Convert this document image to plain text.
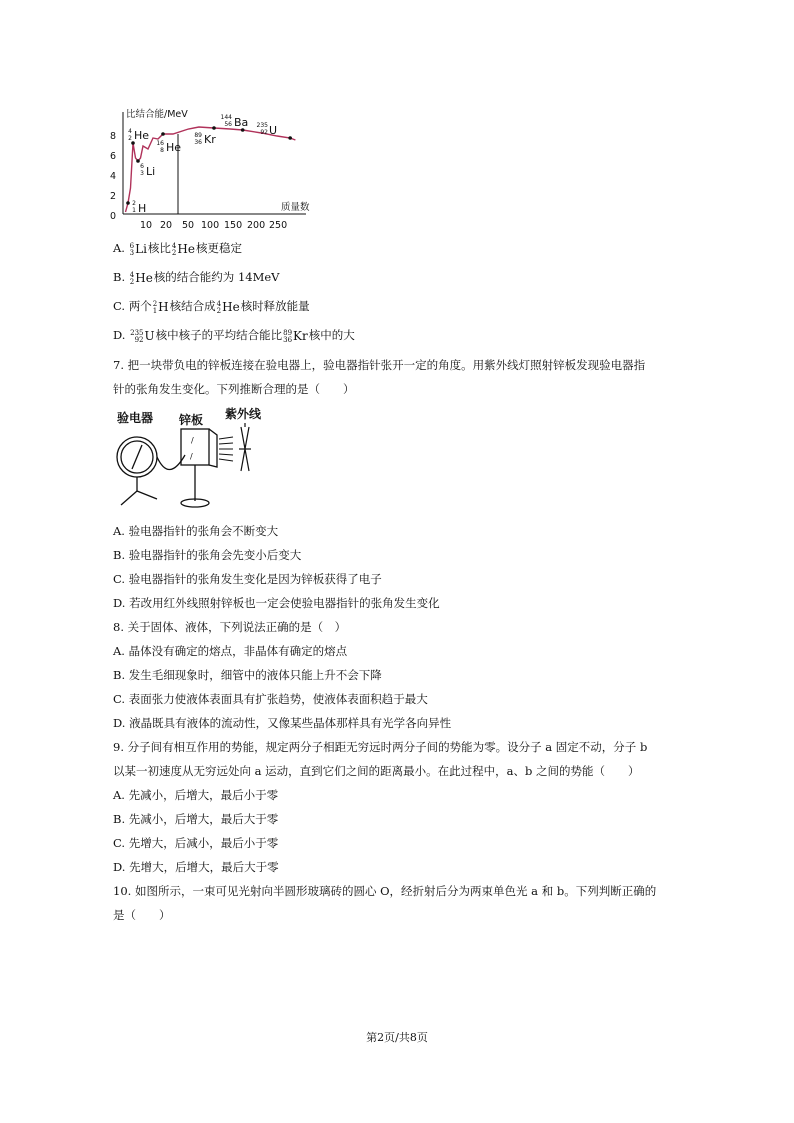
比结合能/MeV
质量数
0
2
4
6
8
10 20 50 100 150 200 250
He
Li
He
Kr
Ba
U
H
4
2
6
3
16
8
89
36
144
56	235
92
2
1
A. 6
3 Li核比 4
2 He核更稳定
B. 4
2 He核的结合能约为 14MeV
C. 两个 2
1 H核结合成 4
2 He核时释放能量
D. 235
92 U核中核子的平均结合能比 89
36 Kr核中的大
7. 把一块带负电的锌板连接在验电器上，验电器指针张开一定的角度。用紫外线灯照射锌板发现验电器指
针的张角发生变化。下列推断合理的是（　　）
验电器 锌板 紫外线
/
/
A. 验电器指针的张角会不断变大
B. 验电器指针的张角会先变小后变大
C. 验电器指针的张角发生变化是因为锌板获得了电子
D. 若改用红外线照射锌板也一定会使验电器指针的张角发生变化
8. 关于固体、液体，下列说法正确的是（　）
A. 晶体没有确定的熔点，非晶体有确定的熔点
B. 发生毛细现象时，细管中的液体只能上升不会下降
C. 表面张力使液体表面具有扩张趋势，使液体表面积趋于最大
D. 液晶既具有液体的流动性，又像某些晶体那样具有光学各向异性
9. 分子间有相互作用的势能，规定两分子相距无穷远时两分子间的势能为零。设分子 a 固定不动，分子 b
以某一初速度从无穷远处向 a 运动，直到它们之间的距离最小。在此过程中，a、b 之间的势能（　　）
A. 先减小，后增大，最后小于零
B. 先减小，后增大，最后大于零
C. 先增大，后减小，最后小于零
D. 先增大，后增大，最后大于零
10. 如图所示，一束可见光射向半圆形玻璃砖的圆心 O，经折射后分为两束单色光 a 和 b。下列判断正确的
是（　　）
第2页/共8页
